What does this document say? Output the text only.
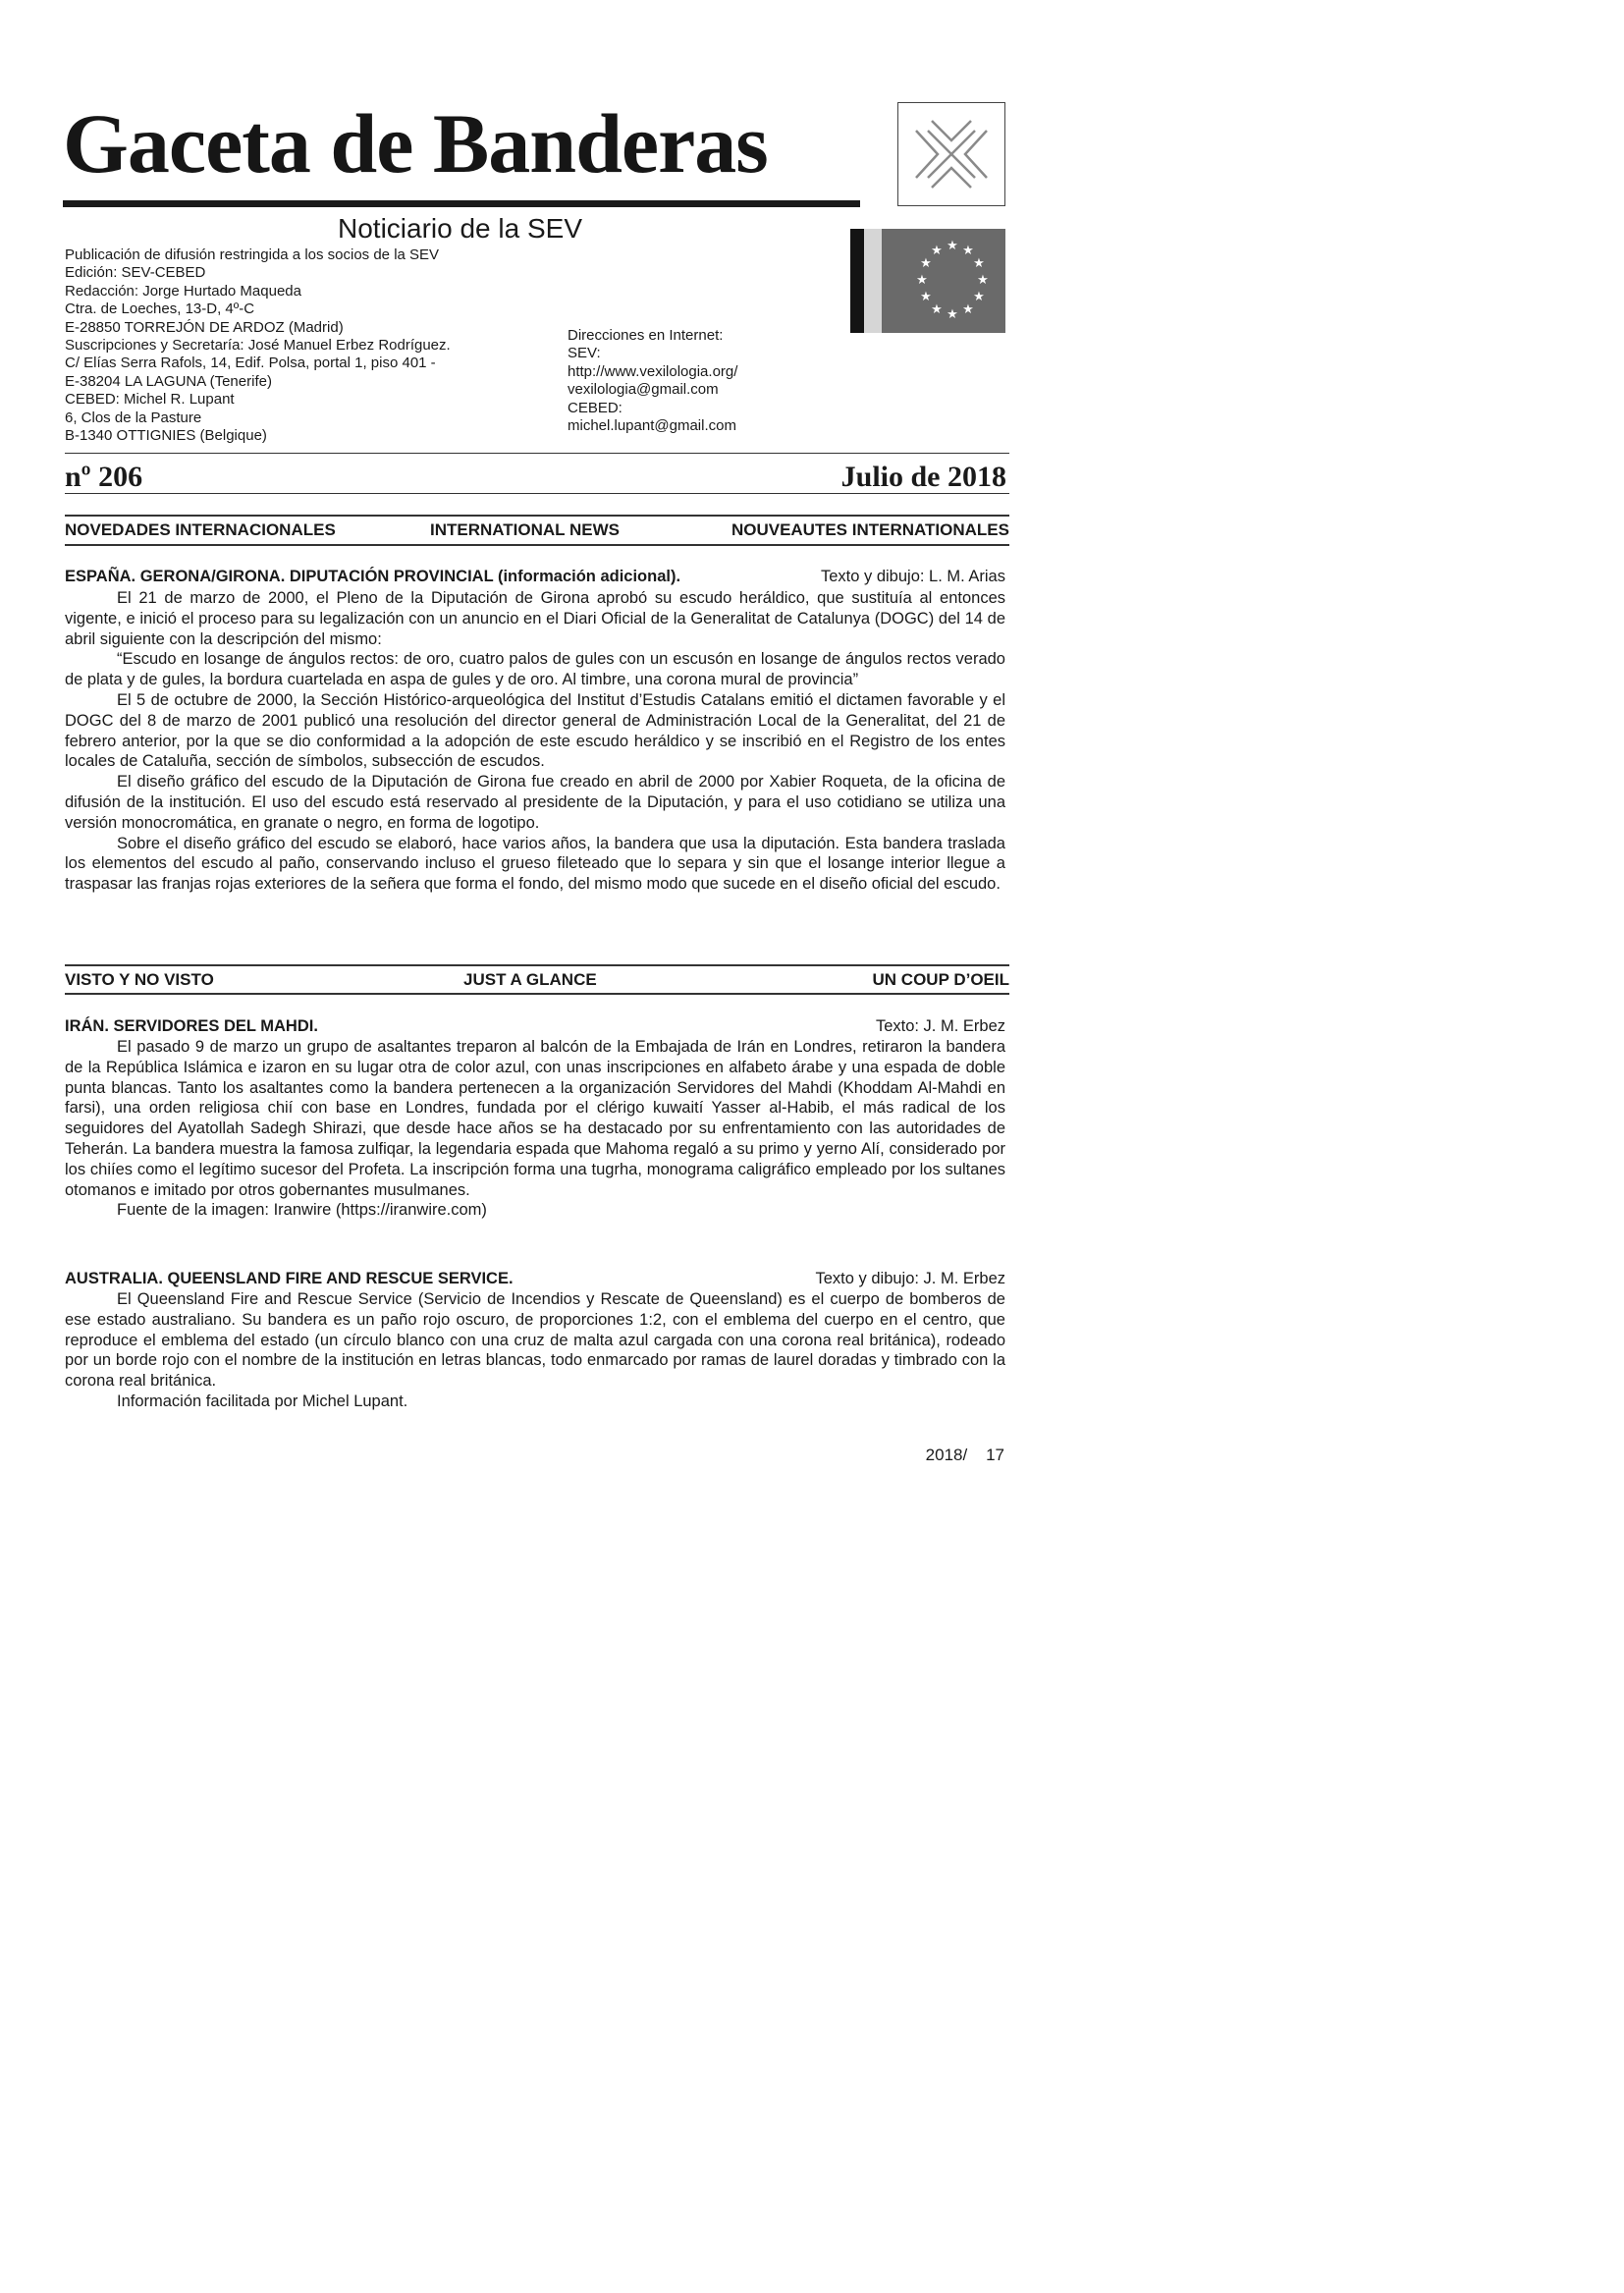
Gaceta de Banderas
Noticiario de la SEV
Publicación de difusión restringida a los socios de la SEV
Edición: SEV-CEBED
Redacción: Jorge Hurtado Maqueda
Ctra. de Loeches, 13-D, 4º-C
E-28850 TORREJÓN DE ARDOZ (Madrid)
Suscripciones y Secretaría: José Manuel Erbez Rodríguez.
C/ Elías Serra Rafols, 14, Edif. Polsa, portal 1, piso 401 -
E-38204 LA LAGUNA (Tenerife)
CEBED: Michel R. Lupant
6, Clos de la Pasture
B-1340 OTTIGNIES (Belgique)
Direcciones en Internet:
SEV:
http://www.vexilologia.org/
vexilologia@gmail.com
CEBED:
michel.lupant@gmail.com
★ ★
★
★
★
★
★
★
★
★
★
★
nº 206	Julio de 2018
NOVEDADES INTERNACIONALES	INTERNATIONAL NEWS	NOUVEAUTES INTERNATIONALES
ESPAÑA. GERONA/GIRONA. DIPUTACIÓN PROVINCIAL (información adicional).	Texto y dibujo: L. M. Arias

El 21 de marzo de 2000, el Pleno de la Diputación de Girona aprobó su escudo heráldico, que sustituía al entonces vigente, e inició el proceso para su legalización con un anuncio en el Diari Oficial de la Generalitat de Catalunya (DOGC) del 14 de abril siguiente con la descripción del mismo:

“Escudo en losange de ángulos rectos: de oro, cuatro palos de gules con un escusón en losange de ángulos rectos verado de plata y de gules, la bordura cuartelada en aspa de gules y de oro. Al timbre, una corona mural de provincia”

El 5 de octubre de 2000, la Sección Histórico-arqueológica del Institut d’Estudis Catalans emitió el dictamen favorable y el DOGC del 8 de marzo de 2001 publicó una resolución del director general de Administración Local de la Generalitat, del 21 de febrero anterior, por la que se dio conformidad a la adopción de este escudo heráldico y se inscribió en el Registro de los entes locales de Cataluña, sección de símbolos, subsección de escudos.

El diseño gráfico del escudo de la Diputación de Girona fue creado en abril de 2000 por Xabier Roqueta, de la oficina de difusión de la institución. El uso del escudo está reservado al presidente de la Diputación, y para el uso cotidiano se utiliza una versión monocromática, en granate o negro, en forma de logotipo.

Sobre el diseño gráfico del escudo se elaboró, hace varios años, la bandera que usa la diputación. Esta bandera traslada los elementos del escudo al paño, conservando incluso el grueso fileteado que lo separa y sin que el losange interior llegue a traspasar las franjas rojas exteriores de la señera que forma el fondo, del mismo modo que sucede en el diseño oficial del escudo.

VISTO Y NO VISTO	JUST A GLANCE	UN COUP D’OEIL
IRÁN. SERVIDORES DEL MAHDI.	Texto: J. M. Erbez

El pasado 9 de marzo un grupo de asaltantes treparon al balcón de la Embajada de Irán en Londres, retiraron la bandera de la República Islámica e izaron en su lugar otra de color azul, con unas inscripciones en alfabeto árabe y una espada de doble punta blancas. Tanto los asaltantes como la bandera pertenecen a la organización Servidores del Mahdi (Khoddam Al-Mahdi en farsi), una orden religiosa chií con base en Londres, fundada por el clérigo kuwaití Yasser al-Habib, el más radical de los seguidores del Ayatollah Sadegh Shirazi, que desde hace años se ha destacado por su enfrentamiento con las autoridades de Teherán. La bandera muestra la famosa zulfiqar, la legendaria espada que Mahoma regaló a su primo y yerno Alí, considerado por los chiíes como el legítimo sucesor del Profeta. La inscripción forma una tugrha, monograma caligráfico empleado por los sultanes otomanos e imitado por otros gobernantes musulmanes.

Fuente de la imagen: Iranwire (https://iranwire.com)

AUSTRALIA. QUEENSLAND FIRE AND RESCUE SERVICE.	Texto y dibujo: J. M. Erbez

El Queensland Fire and Rescue Service (Servicio de Incendios y Rescate de Queensland) es el cuerpo de bomberos de ese estado australiano. Su bandera es un paño rojo oscuro, de proporciones 1:2, con el emblema del cuerpo en el centro, que reproduce el emblema del estado (un círculo blanco con una cruz de malta azul cargada con una corona real británica), rodeado por un borde rojo con el nombre de la institución en letras blancas, todo enmarcado por ramas de laurel doradas y timbrado con la corona real británica.

Información facilitada por Michel Lupant.

2018/    17
